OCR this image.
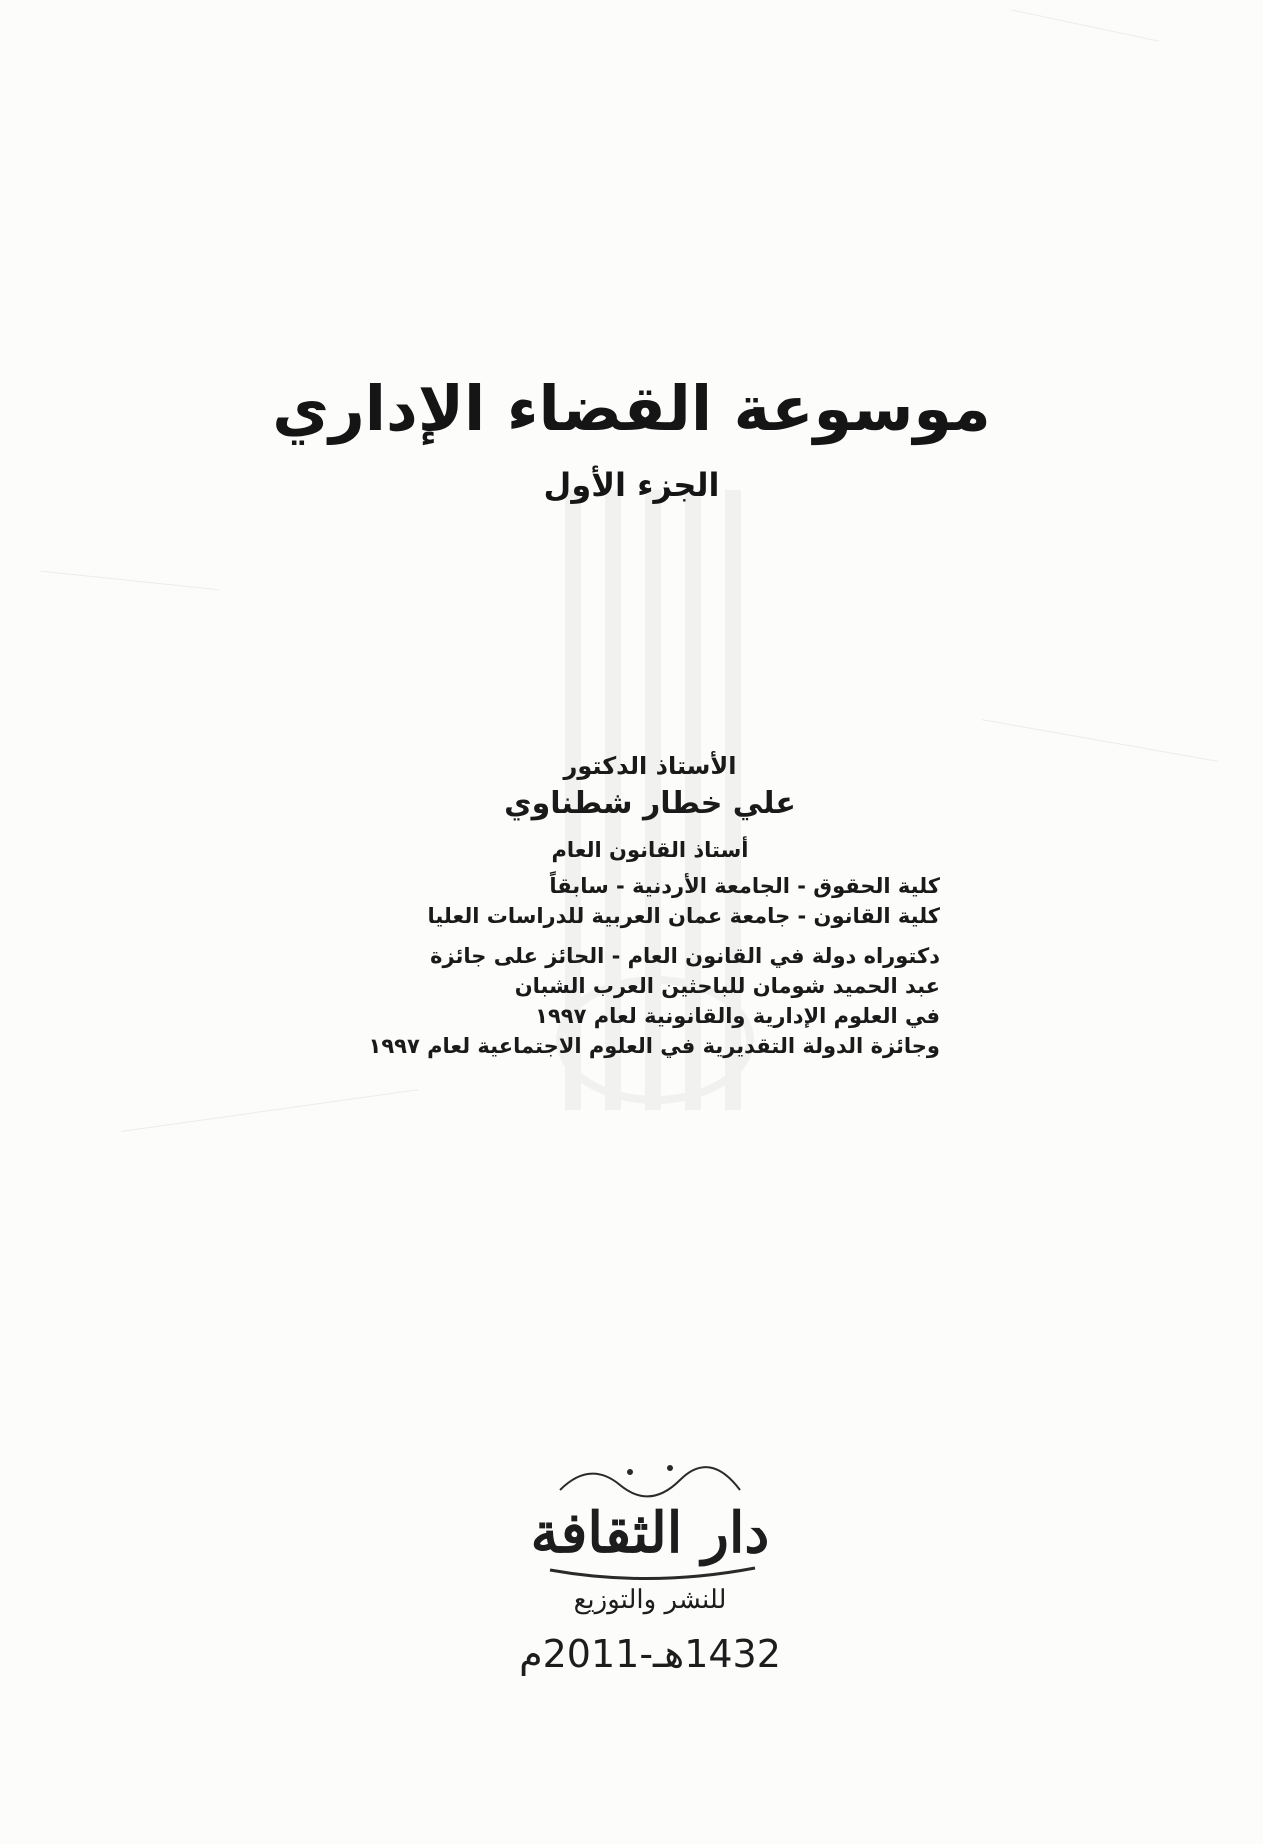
موسوعة القضاء الإداري
الجزء الأول

الأستاذ الدكتور

علي خطار شطناوي

أستاذ القانون العام

كلية الحقوق - الجامعة الأردنية - سابقاً

كلية القانون - جامعة عمان العربية للدراسات العليا

دكتوراه دولة في القانون العام - الحائز على جائزة

عبد الحميد شومان للباحثين العرب الشبان

في العلوم الإدارية والقانونية لعام ١٩٩٧

وجائزة الدولة التقديرية في العلوم الاجتماعية لعام ١٩٩٧

دار الثقافة
للنشر والتوزيع
1432هـ-2011م
